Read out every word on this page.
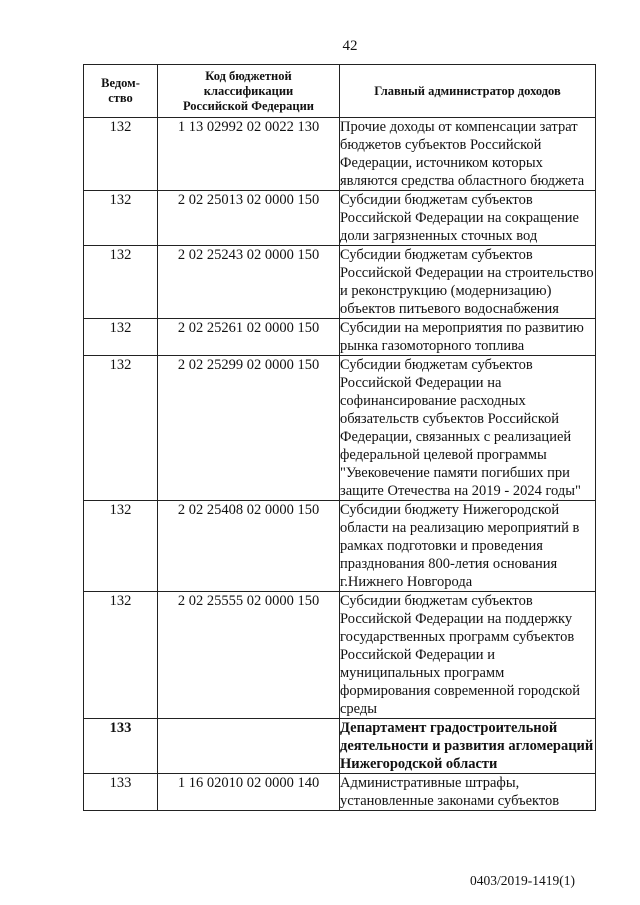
42
Ведом-
ство	Код бюджетной классификации Российской Федерации	Главный администратор доходов
132	1 13 02992 02 0022 130	Прочие доходы от компенсации затрат бюджетов субъектов Российской Федерации, источником которых являются средства областного бюджета
132	2 02 25013 02 0000 150	Субсидии бюджетам субъектов Российской Федерации на сокращение доли загрязненных сточных вод
132	2 02 25243 02 0000 150	Субсидии бюджетам субъектов Российской Федерации на строительство и реконструкцию (модернизацию) объектов питьевого водоснабжения
132	2 02 25261 02 0000 150	Субсидии на мероприятия по развитию рынка газомоторного топлива
132	2 02 25299 02 0000 150	Субсидии бюджетам субъектов Российской Федерации на софинансирование расходных обязательств субъектов Российской Федерации, связанных с реализацией федеральной целевой программы "Увековечение памяти погибших при защите Отечества на 2019 - 2024 годы"
132	2 02 25408 02 0000 150	Субсидии бюджету Нижегородской области на реализацию мероприятий в рамках подготовки и проведения празднования 800-летия основания г.Нижнего Новгорода
132	2 02 25555 02 0000 150	Субсидии бюджетам субъектов Российской Федерации на поддержку государственных программ субъектов Российской Федерации и муниципальных программ формирования современной городской среды
133		Департамент градостроительной деятельности и развития агломераций Нижегородской области
133	1 16 02010 02 0000 140	Административные штрафы, установленные законами субъектов
0403/2019-1419(1)
